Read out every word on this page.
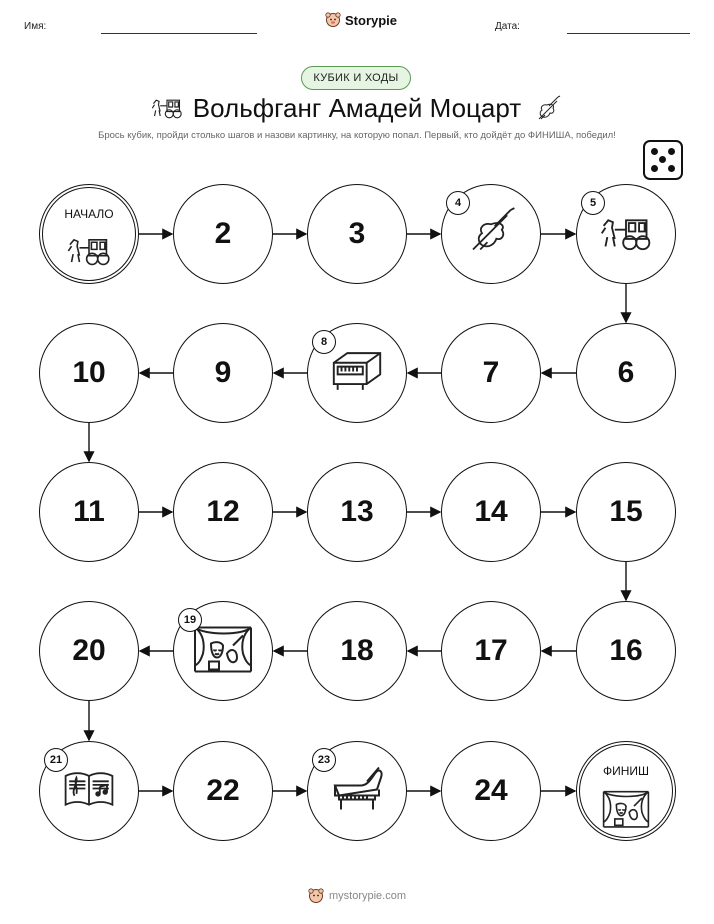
Имя:	Storypie	Дата:
КУБИК И ХОДЫ
Вольфганг Амадей Моцарт
Брось кубик, пройди столько шагов и назови картинку, на которую попал. Первый, кто дойдёт до ФИНИША, победил!
НАЧАЛО
2	3
4	5
6
7
8
9
10
11	12	13	14	15
16
17
18
19
20
21
22
23
24
ФИНИШ
mystorypie.com
